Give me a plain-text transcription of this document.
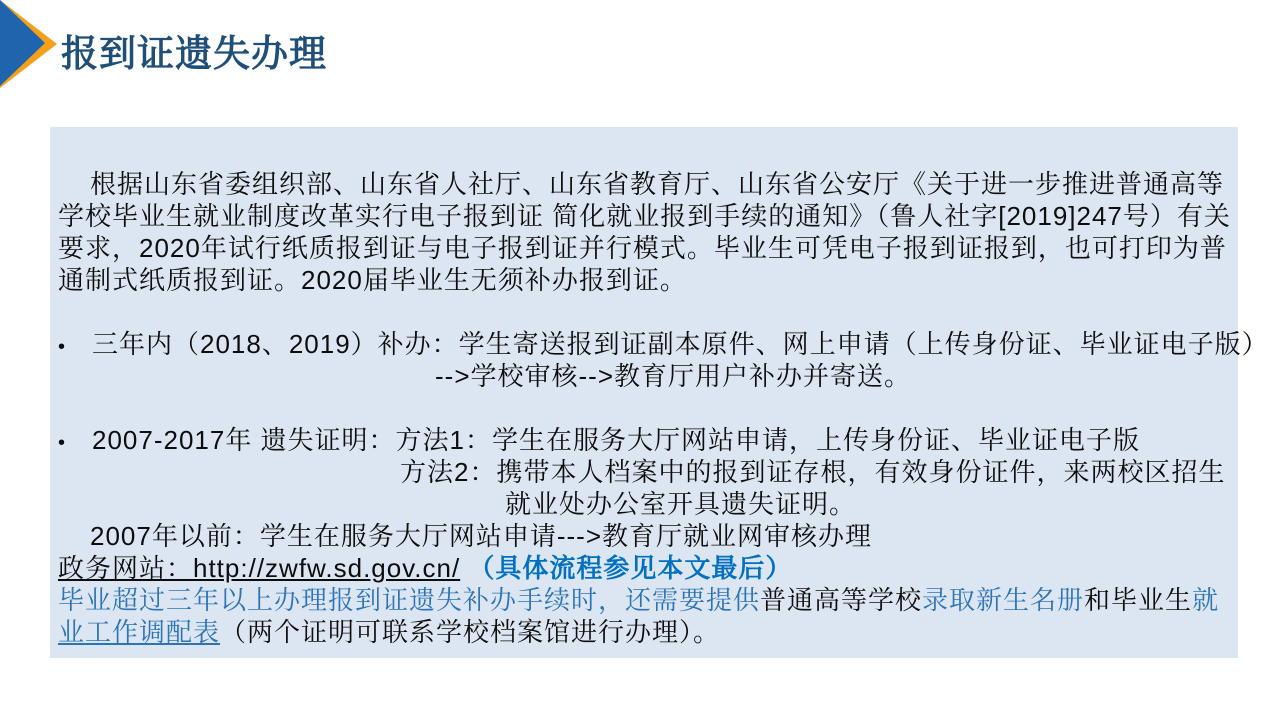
报到证遗失办理
根据山东省委组织部、山东省人社厅、山东省教育厅、山东省公安厅《关于进一步推进普通高等
学校毕业生就业制度改革实行电子报到证 简化就业报到手续的通知》（鲁人社字[2019]247号）有关
要求，2020年试行纸质报到证与电子报到证并行模式。毕业生可凭电子报到证报到，也可打印为普
通制式纸质报到证。2020届毕业生无须补办报到证。

• 三年内（2018、2019）补办：学生寄送报到证副本原件、网上申请（上传身份证、毕业证电子版）
-->学校审核-->教育厅用户补办并寄送。

• 2007-2017年 遗失证明：方法1：学生在服务大厅网站申请，上传身份证、毕业证电子版
方法2：携带本人档案中的报到证存根，有效身份证件，来两校区招生
就业处办公室开具遗失证明。
2007年以前：学生在服务大厅网站申请--->教育厅就业网审核办理
政务网站：http://zwfw.sd.gov.cn/ （具体流程参见本文最后）
毕业超过三年以上办理报到证遗失补办手续时，还需要提供普通高等学校录取新生名册和毕业生就
业工作调配表（两个证明可联系学校档案馆进行办理）。
